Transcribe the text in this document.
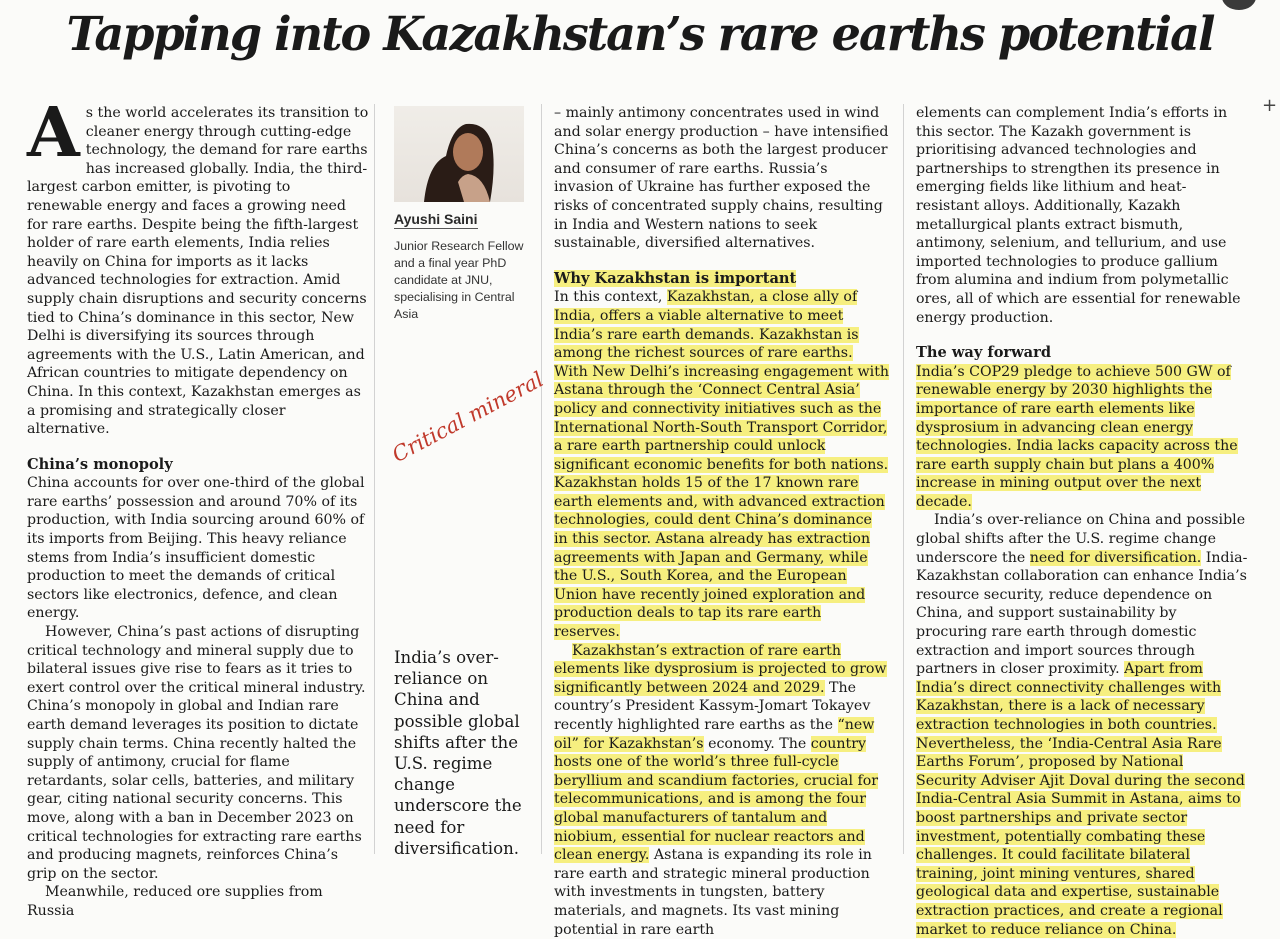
+
Tapping into Kazakhstan’s rare earths potential

As the world accelerates its transition to cleaner energy through cutting-edge technology, the demand for rare earths has increased globally. India, the third-largest carbon emitter, is pivoting to renewable energy and faces a growing need for rare earths. Despite being the fifth-largest holder of rare earth elements, India relies heavily on China for imports as it lacks advanced technologies for extraction. Amid supply chain disruptions and security concerns tied to China’s dominance in this sector, New Delhi is diversifying its sources through agreements with the U.S., Latin American, and African countries to mitigate dependency on China. In this context, Kazakhstan emerges as a promising and strategically closer alternative.

China’s monopoly

China accounts for over one-third of the global rare earths’ possession and around 70% of its production, with India sourcing around 60% of its imports from Beijing. This heavy reliance stems from India’s insufficient domestic production to meet the demands of critical sectors like electronics, defence, and clean energy.

However, China’s past actions of disrupting critical technology and mineral supply due to bilateral issues give rise to fears as it tries to exert control over the critical mineral industry. China’s monopoly in global and Indian rare earth demand leverages its position to dictate supply chain terms. China recently halted the supply of antimony, crucial for flame retardants, solar cells, batteries, and military gear, citing national security concerns. This move, along with a ban in December 2023 on critical technologies for extracting rare earths and producing magnets, reinforces China’s grip on the sector.

Meanwhile, reduced ore supplies from Russia

Ayushi Saini
Junior Research Fellow and a final year PhD candidate at JNU, specialising in Central Asia
Critical mineral
India’s over-reliance on China and possible global shifts after the U.S. regime change underscore the need for diversification.

– mainly antimony concentrates used in wind and solar energy production – have intensified China’s concerns as both the largest producer and consumer of rare earths. Russia’s invasion of Ukraine has further exposed the risks of concentrated supply chains, resulting in India and Western nations to seek sustainable, diversified alternatives.

Why Kazakhstan is important

In this context, Kazakhstan, a close ally of India, offers a viable alternative to meet India’s rare earth demands. Kazakhstan is among the richest sources of rare earths. With New Delhi’s increasing engagement with Astana through the ‘Connect Central Asia’ policy and connectivity initiatives such as the International North-South Transport Corridor, a rare earth partnership could unlock significant economic benefits for both nations. Kazakhstan holds 15 of the 17 known rare earth elements and, with advanced extraction technologies, could dent China’s dominance in this sector. Astana already has extraction agreements with Japan and Germany, while the U.S., South Korea, and the European Union have recently joined exploration and production deals to tap its rare earth reserves.

Kazakhstan’s extraction of rare earth elements like dysprosium is projected to grow significantly between 2024 and 2029. The country’s President Kassym-Jomart Tokayev recently highlighted rare earths as the “new oil” for Kazakhstan’s economy. The country hosts one of the world’s three full-cycle beryllium and scandium factories, crucial for telecommunications, and is among the four global manufacturers of tantalum and niobium, essential for nuclear reactors and clean energy. Astana is expanding its role in rare earth and strategic mineral production with investments in tungsten, battery materials, and magnets. Its vast mining potential in rare earth

elements can complement India’s efforts in this sector. The Kazakh government is prioritising advanced technologies and partnerships to strengthen its presence in emerging fields like lithium and heat-resistant alloys. Additionally, Kazakh metallurgical plants extract bismuth, antimony, selenium, and tellurium, and use imported technologies to produce gallium from alumina and indium from polymetallic ores, all of which are essential for renewable energy production.

The way forward

India’s COP29 pledge to achieve 500 GW of renewable energy by 2030 highlights the importance of rare earth elements like dysprosium in advancing clean energy technologies. India lacks capacity across the rare earth supply chain but plans a 400% increase in mining output over the next decade.

India’s over-reliance on China and possible global shifts after the U.S. regime change underscore the need for diversification. India-Kazakhstan collaboration can enhance India’s resource security, reduce dependence on China, and support sustainability by procuring rare earth through domestic extraction and import sources through partners in closer proximity. Apart from India’s direct connectivity challenges with Kazakhstan, there is a lack of necessary extraction technologies in both countries. Nevertheless, the ‘India-Central Asia Rare Earths Forum’, proposed by National Security Adviser Ajit Doval during the second India-Central Asia Summit in Astana, aims to boost partnerships and private sector investment, potentially combating these challenges. It could facilitate bilateral training, joint mining ventures, shared geological data and expertise, sustainable extraction practices, and create a regional market to reduce reliance on China.
